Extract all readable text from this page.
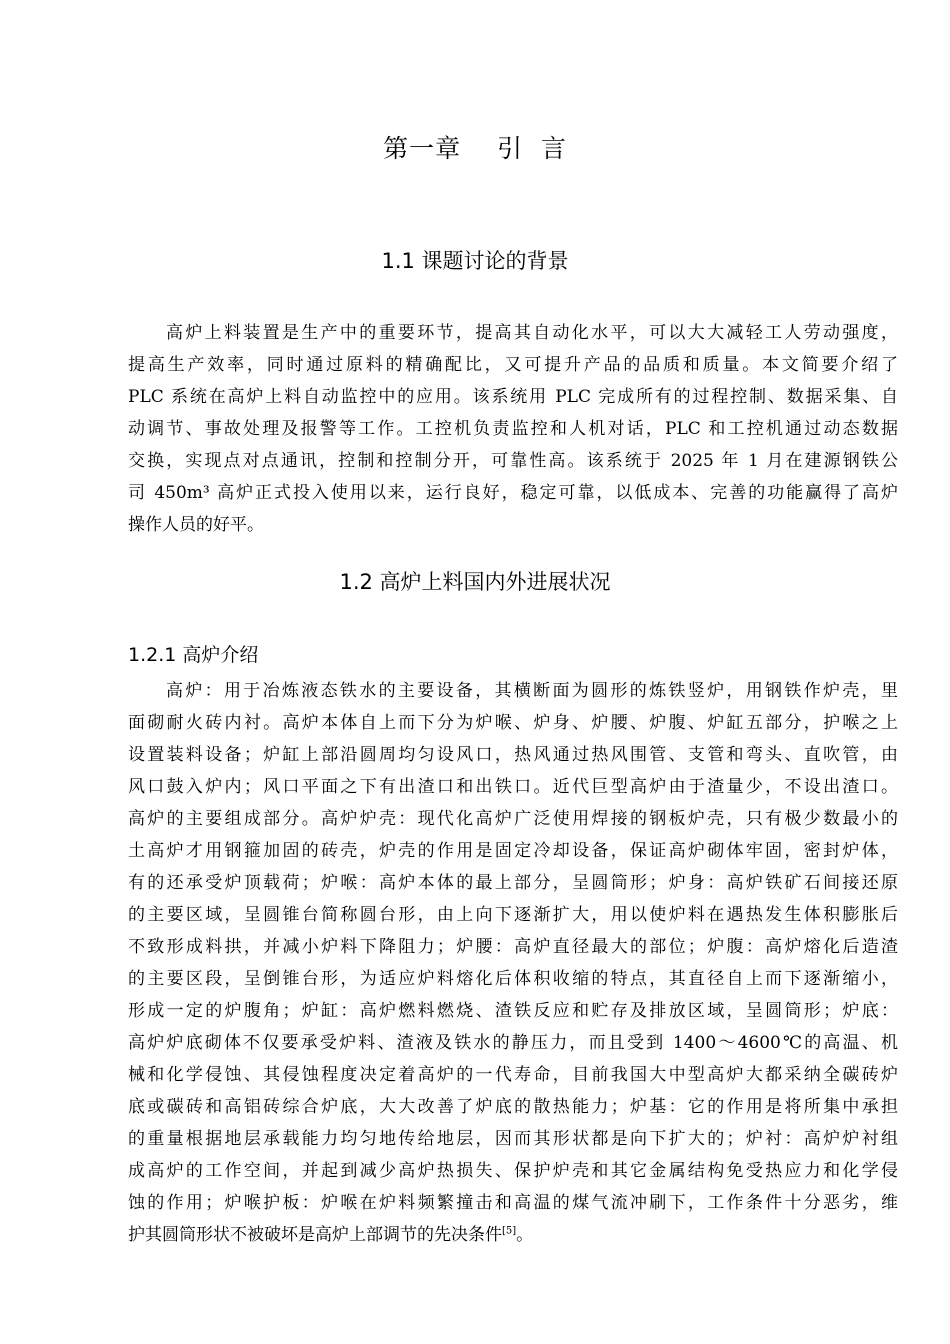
第一章    引  言
1.1 课题讨论的背景
高炉上料装置是生产中的重要环节，提高其自动化水平，可以大大减轻工人劳动强度，
提高生产效率，同时通过原料的精确配比，又可提升产品的品质和质量。本文简要介绍了
PLC 系统在高炉上料自动监控中的应用。该系统用 PLC 完成所有的过程控制、数据采集、自
动调节、事故处理及报警等工作。工控机负责监控和人机对话，PLC 和工控机通过动态数据
交换，实现点对点通讯，控制和控制分开，可靠性高。该系统于 2025 年 1 月在建源钢铁公
司 450m³ 高炉正式投入使用以来，运行良好，稳定可靠，以低成本、完善的功能赢得了高炉
操作人员的好平。
1.2 高炉上料国内外进展状况
1.2.1 高炉介绍
高炉：用于冶炼液态铁水的主要设备，其横断面为圆形的炼铁竖炉，用钢铁作炉壳，里
面砌耐火砖内衬。高炉本体自上而下分为炉喉、炉身、炉腰、炉腹、炉缸五部分，护喉之上
设置装料设备；炉缸上部沿圆周均匀设风口，热风通过热风围管、支管和弯头、直吹管，由
风口鼓入炉内；风口平面之下有出渣口和出铁口。近代巨型高炉由于渣量少，不设出渣口。
高炉的主要组成部分。高炉炉壳：现代化高炉广泛使用焊接的钢板炉壳，只有极少数最小的
土高炉才用钢箍加固的砖壳，炉壳的作用是固定冷却设备，保证高炉砌体牢固，密封炉体，
有的还承受炉顶载荷；炉喉：高炉本体的最上部分，呈圆筒形；炉身：高炉铁矿石间接还原
的主要区域，呈圆锥台简称圆台形，由上向下逐渐扩大，用以使炉料在遇热发生体积膨胀后
不致形成料拱，并减小炉料下降阻力；炉腰：高炉直径最大的部位；炉腹：高炉熔化后造渣
的主要区段，呈倒锥台形，为适应炉料熔化后体积收缩的特点，其直径自上而下逐渐缩小，
形成一定的炉腹角；炉缸：高炉燃料燃烧、渣铁反应和贮存及排放区域，呈圆筒形；炉底：
高炉炉底砌体不仅要承受炉料、渣液及铁水的静压力，而且受到 1400～4600℃的高温、机
械和化学侵蚀、其侵蚀程度决定着高炉的一代寿命，目前我国大中型高炉大都采纳全碳砖炉
底或碳砖和高铝砖综合炉底，大大改善了炉底的散热能力；炉基：它的作用是将所集中承担
的重量根据地层承载能力均匀地传给地层，因而其形状都是向下扩大的；炉衬：高炉炉衬组
成高炉的工作空间，并起到减少高炉热损失、保护炉壳和其它金属结构免受热应力和化学侵
蚀的作用；炉喉护板：炉喉在炉料频繁撞击和高温的煤气流冲刷下，工作条件十分恶劣，维
护其圆筒形状不被破坏是高炉上部调节的先决条件[5]。
